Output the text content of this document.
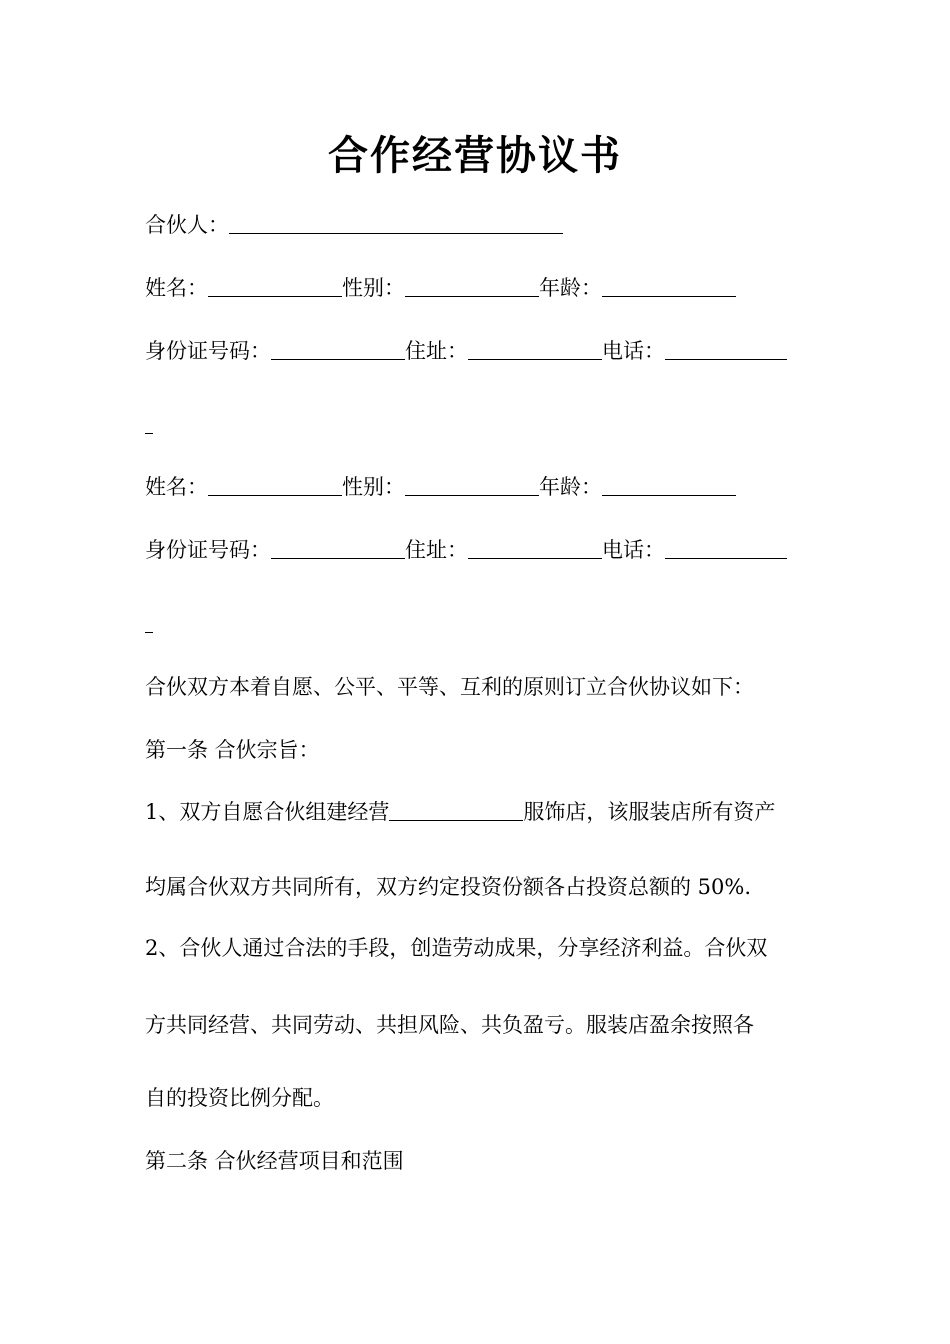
合作经营协议书

合伙人：

姓名：	性别：	年龄：

身份证号码：	住址：	电话：

姓名：	性别：	年龄：

身份证号码：	住址：	电话：

合伙双方本着自愿、公平、平等、互利的原则订立合伙协议如下：

第一条 合伙宗旨：

1、双方自愿合伙组建经营	服饰店，该服装店所有资产

均属合伙双方共同所有，双方约定投资份额各占投资总额的 50%.

2、合伙人通过合法的手段，创造劳动成果，分享经济利益。合伙双

方共同经营、共同劳动、共担风险、共负盈亏。服装店盈余按照各

自的投资比例分配。

第二条 合伙经营项目和范围
